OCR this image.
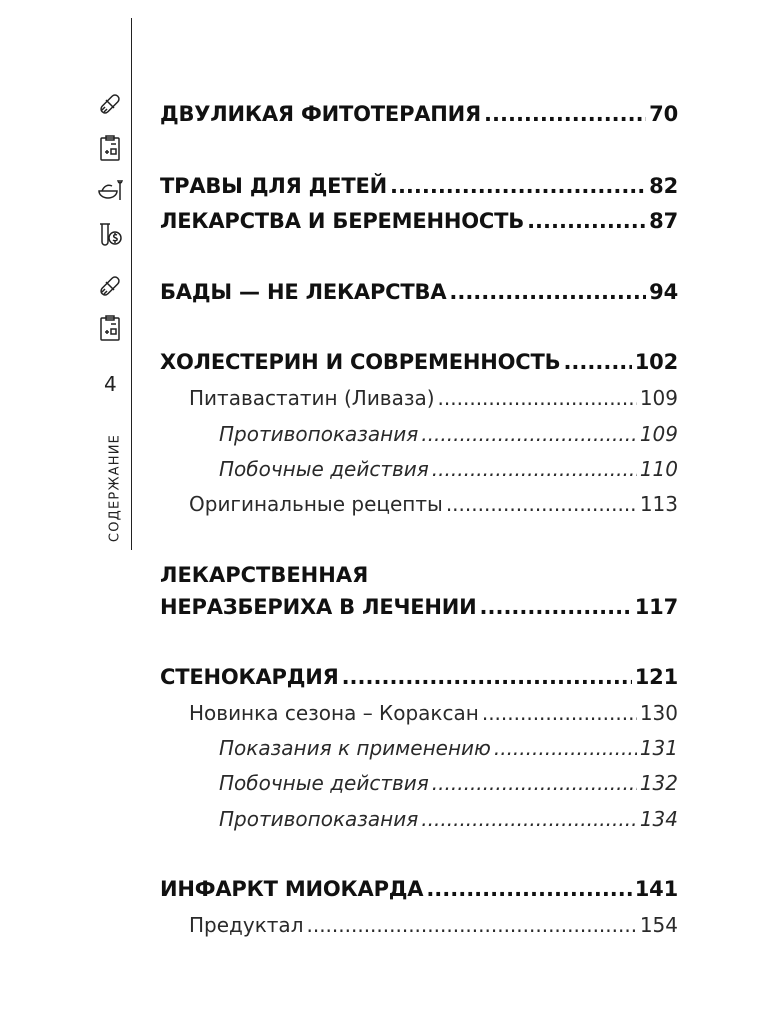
4
СОДЕРЖАНИЕ
ДВУЛИКАЯ ФИТОТЕРАПИЯ .....	70
ТРАВЫ ДЛЯ ДЕТЕЙ .....	82
ЛЕКАРСТВА И БЕРЕМЕННОСТЬ .....	87
БАДЫ — НЕ ЛЕКАРСТВА .....	94
ХОЛЕСТЕРИН И СОВРЕМЕННОСТЬ .....	102
Питавастатин (Ливаза) .....	109
Противопоказания .....	109
Побочные действия .....	110
Оригинальные рецепты .....	113
ЛЕКАРСТВЕННАЯ
НЕРАЗБЕРИХА В ЛЕЧЕНИИ .....	117
СТЕНОКАРДИЯ .....	121
Новинка сезона – Кораксан .....	130
Показания к применению .....	131
Побочные действия .....	132
Противопоказания .....	134
ИНФАРКТ МИОКАРДА .....	141
Предуктал .....	154
